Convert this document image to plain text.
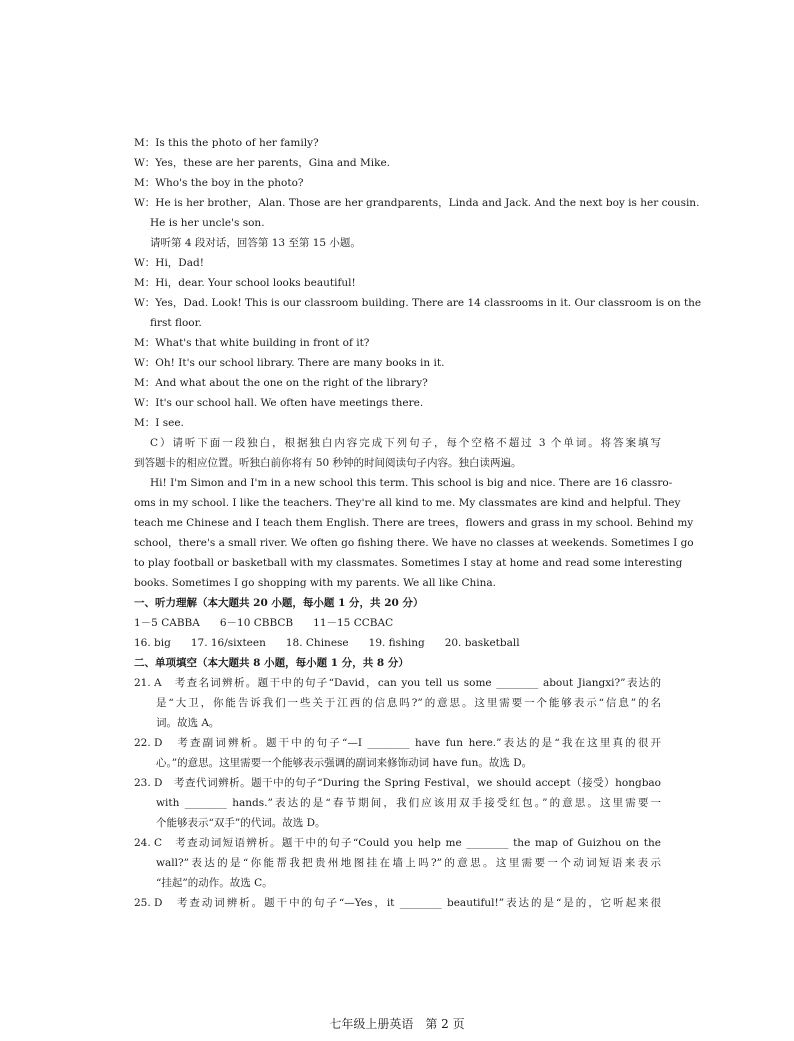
M：Is this the photo of her family?
W：Yes，these are her parents，Gina and Mike.
M：Who's the boy in the photo?
W：He is her brother，Alan. Those are her grandparents，Linda and Jack. And the next boy is her cousin.
He is her uncle's son.
请听第 4 段对话，回答第 13 至第 15 小题。
W：Hi，Dad!
M：Hi，dear. Your school looks beautiful!
W：Yes，Dad. Look! This is our classroom building. There are 14 classrooms in it. Our classroom is on the
first floor.
M：What's that white building in front of it?
W：Oh! It's our school library. There are many books in it.
M：And what about the one on the right of the library?
W：It's our school hall. We often have meetings there.
M：I see.
C）请听下面一段独白，根据独白内容完成下列句子，每个空格不超过 3 个单词。将答案填写
到答题卡的相应位置。听独白前你将有 50 秒钟的时间阅读句子内容。独白读两遍。
Hi! I'm Simon and I'm in a new school this term. This school is big and nice. There are 16 classro-
oms in my school. I like the teachers. They're all kind to me. My classmates are kind and helpful. They
teach me Chinese and I teach them English. There are trees，flowers and grass in my school. Behind my
school，there's a small river. We often go fishing there. We have no classes at weekends. Sometimes I go
to play football or basketball with my classmates. Sometimes I stay at home and read some interesting
books. Sometimes I go shopping with my parents. We all like China.
一、听力理解（本大题共 20 小题，每小题 1 分，共 20 分）
1－5 CABBA 6－10 CBBCB 11－15 CCBAC
16. big 17. 16/sixteen 18. Chinese 19. fishing 20. basketball
二、单项填空（本大题共 8 小题，每小题 1 分，共 8 分）
21. A　 考查名词辨析。题干中的句子“David，can you tell us some ________ about Jiangxi?”表达的
是“大卫，你能告诉我们一些关于江西的信息吗?”的意思。这里需要一个能够表示“信息”的名
词。故选 A。
22. D　 考查副词辨析。题干中的句子“—I ________ have fun here.”表达的是“我在这里真的很开
心。”的意思。这里需要一个能够表示强调的副词来修饰动词 have fun。故选 D。
23. D　 考查代词辨析。题干中的句子“During the Spring Festival，we should accept（接受）hongbao
with ________ hands.”表达的是“春节期间，我们应该用双手接受红包。”的意思。这里需要一
个能够表示“双手”的代词。故选 D。
24. C　 考查动词短语辨析。题干中的句子“Could you help me ________ the map of Guizhou on the
wall?”表达的是“你能帮我把贵州地图挂在墙上吗?”的意思。这里需要一个动词短语来表示
“挂起”的动作。故选 C。
25. D　 考查动词辨析。题干中的句子“—Yes，it ________ beautiful!”表达的是“是的，它听起来很
七年级上册英语　第 2 页
